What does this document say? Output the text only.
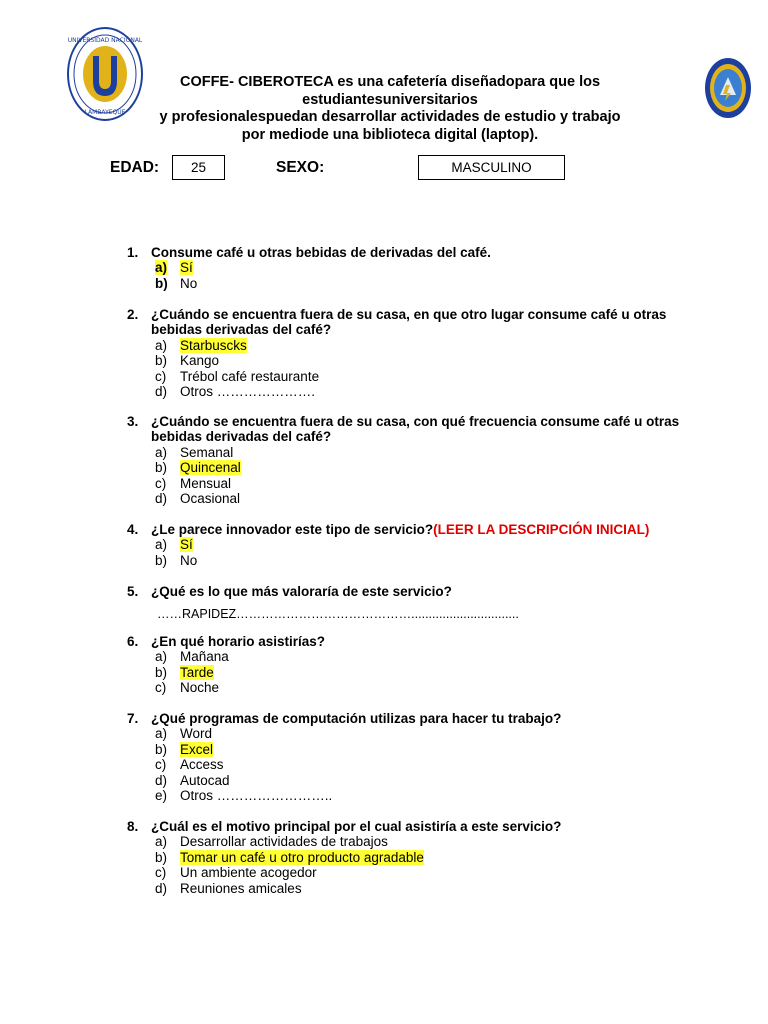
UNIVERSIDAD NACIONAL
LAMBAYEQUE
COFFE- CIBEROTECA es una cafetería diseñadopara que los
estudiantesuniversitarios
y profesionalespuedan desarrollar actividades de estudio y trabajo
por mediode una biblioteca digital (laptop).
EDAD:	25	SEXO:	MASCULINO
1. Consume café u otras bebidas de derivadas del café.
a) Sí
b) No
2. ¿Cuándo se encuentra fuera de su casa, en que otro lugar consume café u otras bebidas derivadas del café?
a) Starbuscks
b) Kango
c)	Trébol café restaurante
d) Otros ………………….
3. ¿Cuándo se encuentra fuera de su casa, con qué frecuencia consume café u otras bebidas derivadas del café?
a) Semanal
b) Quincenal
c)	Mensual
d) Ocasional
4. ¿Le parece innovador este tipo de servicio?(LEER LA DESCRIPCIÓN INICIAL)
a) Sí
b) No
5. ¿Qué es lo que más valoraría de este servicio?
……RAPIDEZ……………………………………...............................
6. ¿En qué horario asistirías?
a) Mañana
b) Tarde
c)	Noche
7. ¿Qué programas de computación utilizas para hacer tu trabajo?
a) Word
b) Excel
c)	Access
d) Autocad
e) Otros ……………………..
8. ¿Cuál es el motivo principal por el cual asistiría a este servicio?
a) Desarrollar actividades de trabajos
b) Tomar un café u otro producto agradable
c)	Un ambiente acogedor
d) Reuniones amicales
